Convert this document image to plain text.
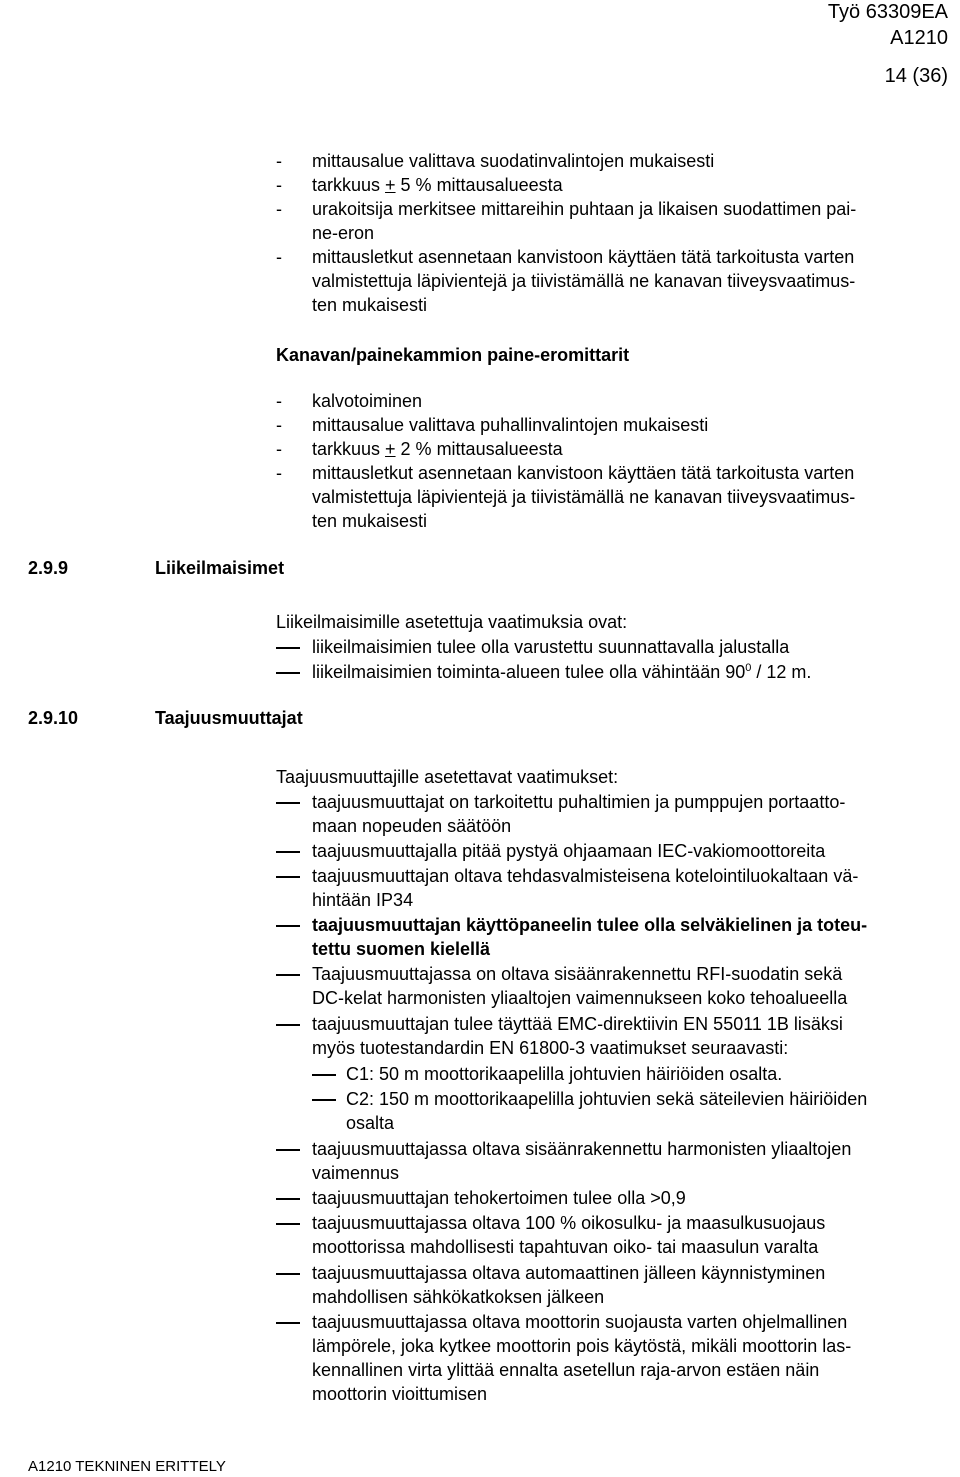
Työ 63309EA
A1210
14 (36)
- mittausalue valittava suodatinvalintojen mukaisesti
- tarkkuus + 5 % mittausalueesta
- urakoitsija merkitsee mittareihin puhtaan ja likaisen suodattimen pai-
ne-eron
- mittausletkut asennetaan kanvistoon käyttäen tätä tarkoitusta varten
valmistettuja läpivientejä ja tiivistämällä ne kanavan tiiveysvaatimus-
ten mukaisesti
Kanavan/painekammion paine-eromittarit
- kalvotoiminen
- mittausalue valittava puhallinvalintojen mukaisesti
- tarkkuus + 2 % mittausalueesta
- mittausletkut asennetaan kanvistoon käyttäen tätä tarkoitusta varten
valmistettuja läpivientejä ja tiivistämällä ne kanavan tiiveysvaatimus-
ten mukaisesti
2.9.9	Liikeilmaisimet
Liikeilmaisimille asetettuja vaatimuksia ovat:
liikeilmaisimien tulee olla varustettu suunnattavalla jalustalla
liikeilmaisimien toiminta-alueen tulee olla vähintään $90^0 / 12$ m.
2.9.10	Taajuusmuuttajat
Taajuusmuuttajille asetettavat vaatimukset:
taajuusmuuttajat on tarkoitettu puhaltimien ja pumppujen portaatto-
maan nopeuden säätöön
taajuusmuuttajalla pitää pystyä ohjaamaan IEC-vakiomoottoreita
taajuusmuuttajan oltava tehdasvalmisteisena kotelointiluokaltaan vä-
hintään IP34
taajuusmuuttajan käyttöpaneelin tulee olla selväkielinen ja toteu-
tettu suomen kielellä
Taajuusmuuttajassa on oltava sisäänrakennettu RFI-suodatin sekä
DC-kelat harmonisten yliaaltojen vaimennukseen koko tehoalueella
taajuusmuuttajan tulee täyttää EMC-direktiivin EN 55011 1B lisäksi
myös tuotestandardin EN 61800-3 vaatimukset seuraavasti:
C1: 50 m moottorikaapelilla johtuvien häiriöiden osalta.
C2: 150 m moottorikaapelilla johtuvien sekä säteilevien häiriöiden
osalta
taajuusmuuttajassa oltava sisäänrakennettu harmonisten yliaaltojen
vaimennus
taajuusmuuttajan tehokertoimen tulee olla >0,9
taajuusmuuttajassa oltava 100 % oikosulku- ja maasulkusuojaus
moottorissa mahdollisesti tapahtuvan oiko- tai maasulun varalta
taajuusmuuttajassa oltava automaattinen jälleen käynnistyminen
mahdollisen sähkökatkoksen jälkeen
taajuusmuuttajassa oltava moottorin suojausta varten ohjelmallinen
lämpörele, joka kytkee moottorin pois käytöstä, mikäli moottorin las-
kennallinen virta ylittää ennalta asetellun raja-arvon estäen näin
moottorin vioittumisen
A1210 TEKNINEN ERITTELY
